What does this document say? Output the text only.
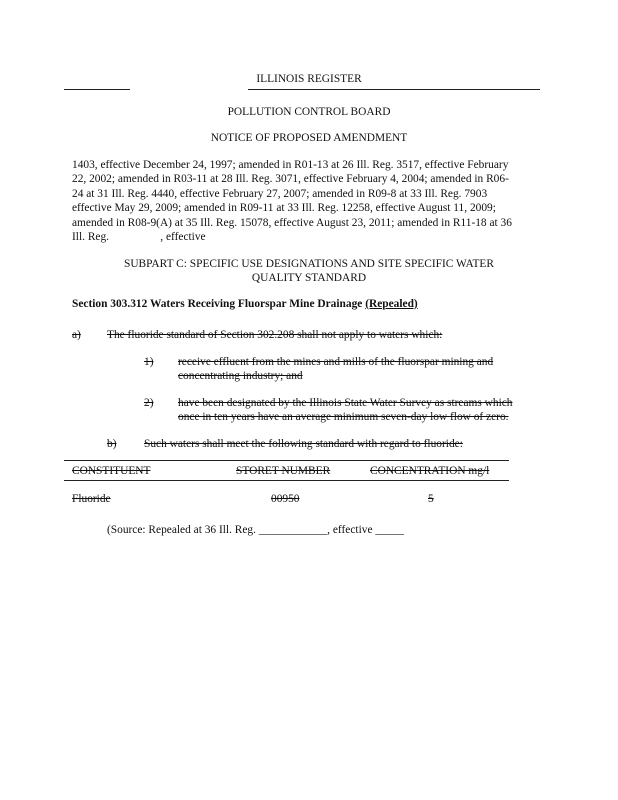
ILLINOIS REGISTER
POLLUTION CONTROL BOARD
NOTICE OF PROPOSED AMENDMENT
1403, effective December 24, 1997; amended in R01-13 at 26 Ill. Reg. 3517, effective February
22, 2002; amended in R03-11 at 28 Ill. Reg. 3071, effective February 4, 2004; amended in R06-
24 at 31 Ill. Reg. 4440, effective February 27, 2007; amended in R09-8 at 33 Ill. Reg. 7903
effective May 29, 2009; amended in R09-11 at 33 Ill. Reg. 12258, effective August 11, 2009;
amended in R08-9(A) at 35 Ill. Reg. 15078, effective August 23, 2011; amended in R11-18 at 36
Ill. Reg.                  , effective
SUBPART C: SPECIFIC USE DESIGNATIONS AND SITE SPECIFIC WATER
QUALITY STANDARD
Section 303.312 Waters Receiving Fluorspar Mine Drainage (Repealed)
a) The fluoride standard of Section 302.208 shall not apply to waters which:
1) receive effluent from the mines and mills of the fluorspar mining and
concentrating industry; and
2) have been designated by the Illinois State Water Survey as streams which
once in ten years have an average minimum seven-day low flow of zero.
b) Such waters shall meet the following standard with regard to fluoride:
CONSTITUENT	STORET NUMBER	CONCENTRATION mg/l
Fluoride	00950	5
(Source: Repealed at 36 Ill. Reg. ____________, effective _____
